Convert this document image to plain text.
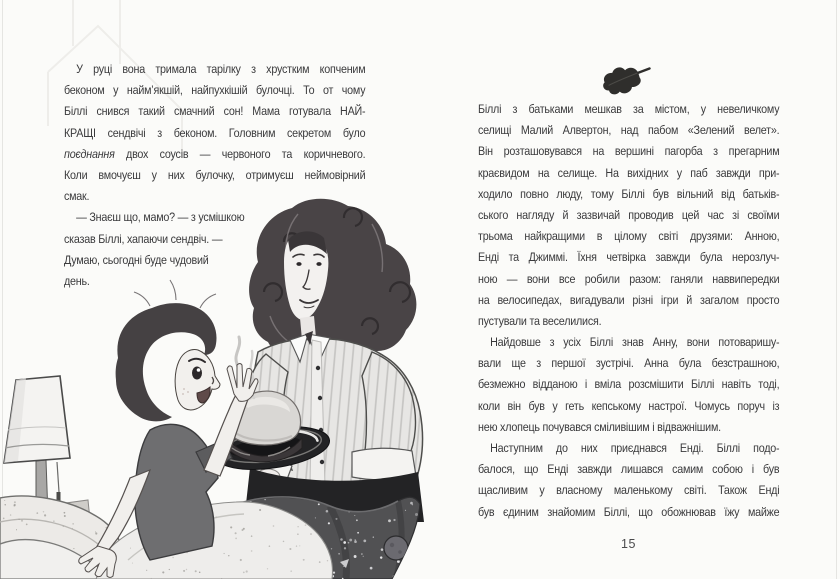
У руці вона тримала тарілку з хрустким копченим
беконом у найм’якшій, найпухкішій булочці. То от чому
Біллі снився такий смачний сон! Мама готувала НАЙ-
КРАЩІ сендвічі з беконом. Головним секретом було
поєднання двох соусів — червоного та коричневого.
Коли вмочуєш у них булочку, отримуєш неймовірний
смак.
— Знаєш що, мамо? — з усмішкою
сказав Біллі, хапаючи сендвіч. —
Думаю, сьогодні буде чудовий
день.
Біллі з батьками мешкав за містом, у невеличкому
селищі Малий Алвертон, над пабом «Зелений велет».
Він розташовувався на вершині пагорба з прегарним
краєвидом на селище. На вихідних у паб завжди при-
ходило повно люду, тому Біллі був вільний від батьків-
ського нагляду й зазвичай проводив цей час зі своїми
трьома найкращими в цілому світі друзями: Анною,
Енді та Джиммі. Їхня четвірка завжди була нерозлуч-
ною — вони все робили разом: ганяли наввипередки
на велосипедах, вигадували різні ігри й загалом просто
пустували та веселилися.
Найдовше з усіх Біллі знав Анну, вони потоваришу-
вали ще з першої зустрічі. Анна була безстрашною,
безмежно відданою і вміла розсмішити Біллі навіть тоді,
коли він був у геть кепському настрої. Чомусь поруч із
нею хлопець почувався сміливішим і відважнішим.
Наступним до них приєднався Енді. Біллі подо-
балося, що Енді завжди лишався самим собою і був
щасливим у власному маленькому світі. Також Енді
був єдиним знайомим Біллі, що обожнював їжу майже
15
